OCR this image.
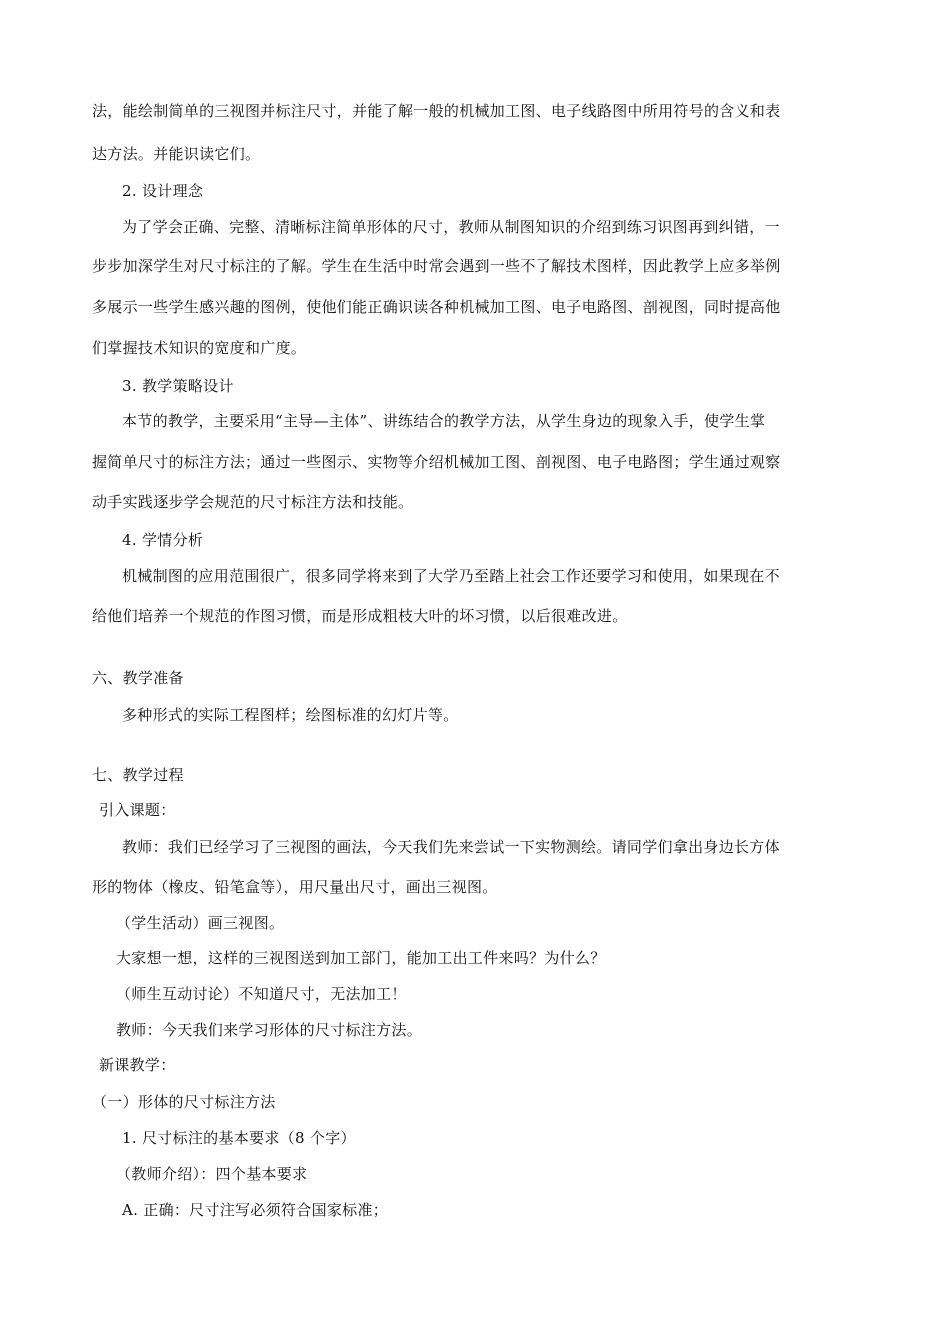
法，能绘制简单的三视图并标注尺寸，并能了解一般的机械加工图、电子线路图中所用符号的含义和表
达方法。并能识读它们。
2. 设计理念
为了学会正确、完整、清晰标注简单形体的尺寸，教师从制图知识的介绍到练习识图再到纠错，一
步步加深学生对尺寸标注的了解。学生在生活中时常会遇到一些不了解技术图样，因此教学上应多举例
多展示一些学生感兴趣的图例，使他们能正确识读各种机械加工图、电子电路图、剖视图，同时提高他
们掌握技术知识的宽度和广度。
3. 教学策略设计
本节的教学，主要采用“主导—主体”、讲练结合的教学方法，从学生身边的现象入手，使学生掌
握简单尺寸的标注方法；通过一些图示、实物等介绍机械加工图、剖视图、电子电路图；学生通过观察
动手实践逐步学会规范的尺寸标注方法和技能。
4. 学情分析
机械制图的应用范围很广，很多同学将来到了大学乃至踏上社会工作还要学习和使用，如果现在不
给他们培养一个规范的作图习惯，而是形成粗枝大叶的坏习惯，以后很难改进。
六、教学准备
多种形式的实际工程图样；绘图标准的幻灯片等。
七、教学过程
引入课题：
教师：我们已经学习了三视图的画法，今天我们先来尝试一下实物测绘。请同学们拿出身边长方体
形的物体（橡皮、铅笔盒等），用尺量出尺寸，画出三视图。
（学生活动）画三视图。
大家想一想，这样的三视图送到加工部门，能加工出工件来吗？为什么？
（师生互动讨论）不知道尺寸，无法加工！
教师：今天我们来学习形体的尺寸标注方法。
新课教学：
（一）形体的尺寸标注方法
1. 尺寸标注的基本要求（8 个字）
（教师介绍）：四个基本要求
A. 正确：尺寸注写必须符合国家标准；
